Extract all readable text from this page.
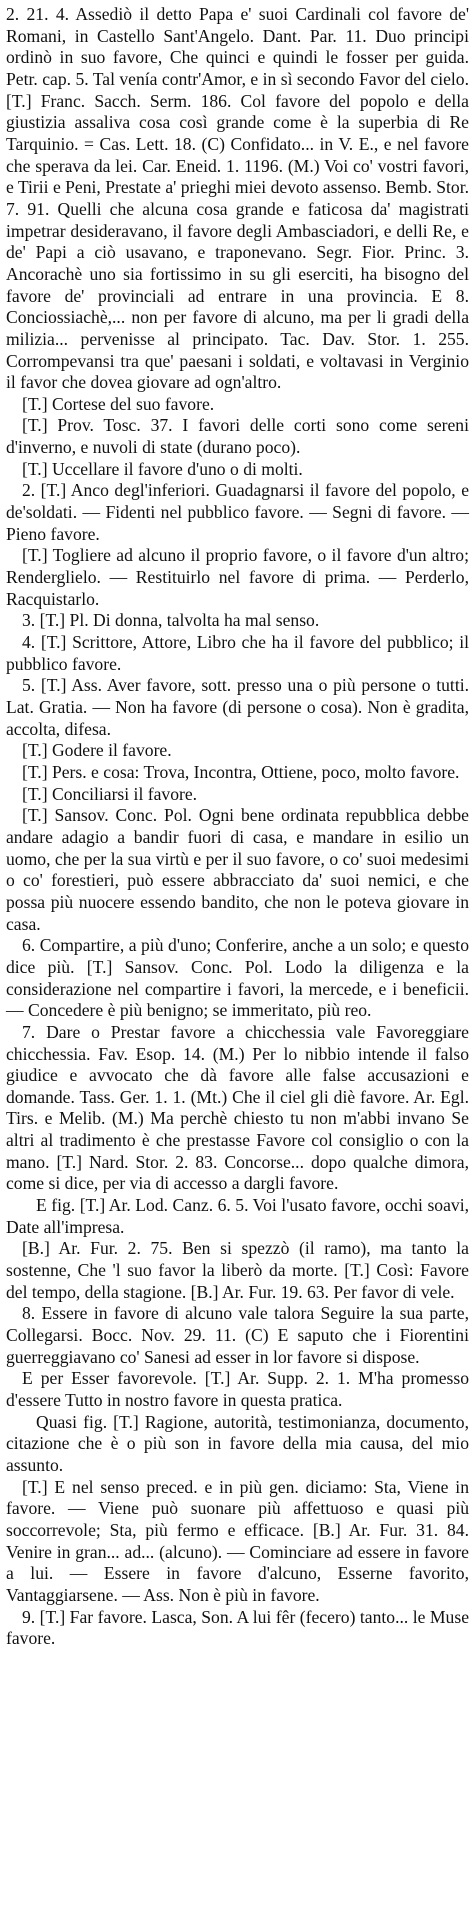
2. 21. 4. Assediò il detto Papa e' suoi Cardinali col favore de' Romani, in Castello Sant'Angelo. Dant. Par. 11. Duo principi ordinò in suo favore, Che quinci e quindi le fosser per guida. Petr. cap. 5. Tal venía contr'Amor, e in sì secondo Favor del cielo. [T.] Franc. Sacch. Serm. 186. Col favore del popolo e della giustizia assaliva cosa così grande come è la superbia di Re Tarquinio. = Cas. Lett. 18. (C) Confidato... in V. E., e nel favore che sperava da lei. Car. Eneid. 1. 1196. (M.) Voi co' vostri favori, e Tirii e Peni, Prestate a' prieghi miei devoto assenso. Bemb. Stor. 7. 91. Quelli che alcuna cosa grande e faticosa da' magistrati impetrar desideravano, il favore degli Ambasciadori, e delli Re, e de' Papi a ciò usavano, e traponevano. Segr. Fior. Princ. 3. Ancorachè uno sia fortissimo in su gli eserciti, ha bisogno del favore de' provinciali ad entrare in una provincia. E 8. Conciossiachè,... non per favore di alcuno, ma per li gradi della milizia... pervenisse al principato. Tac. Dav. Stor. 1. 255. Corrompevansi tra que' paesani i soldati, e voltavasi in Verginio il favor che dovea giovare ad ogn'altro.

[T.] Cortese del suo favore.

[T.] Prov. Tosc. 37. I favori delle corti sono come sereni d'inverno, e nuvoli di state (durano poco).

[T.] Uccellare il favore d'uno o di molti.

2. [T.] Anco degl'inferiori. Guadagnarsi il favore del popolo, e de'soldati. — Fidenti nel pubblico favore. — Segni di favore. — Pieno favore.

[T.] Togliere ad alcuno il proprio favore, o il favore d'un altro; Renderglielo. — Restituirlo nel favore di prima. — Perderlo, Racquistarlo.

3. [T.] Pl. Di donna, talvolta ha mal senso.

4. [T.] Scrittore, Attore, Libro che ha il favore del pubblico; il pubblico favore.

5. [T.] Ass. Aver favore, sott. presso una o più persone o tutti. Lat. Gratia. — Non ha favore (di persone o cosa). Non è gradita, accolta, difesa.

[T.] Godere il favore.

[T.] Pers. e cosa: Trova, Incontra, Ottiene, poco, molto favore.

[T.] Conciliarsi il favore.

[T.] Sansov. Conc. Pol. Ogni bene ordinata repubblica debbe andare adagio a bandir fuori di casa, e mandare in esilio un uomo, che per la sua virtù e per il suo favore, o co' suoi medesimi o co' forestieri, può essere abbracciato da' suoi nemici, e che possa più nuocere essendo bandito, che non le poteva giovare in casa.

6. Compartire, a più d'uno; Conferire, anche a un solo; e questo dice più. [T.] Sansov. Conc. Pol. Lodo la diligenza e la considerazione nel compartire i favori, la mercede, e i beneficii. — Concedere è più benigno; se immeritato, più reo.

7. Dare o Prestar favore a chicchessia vale Favoreggiare chicchessia. Fav. Esop. 14. (M.) Per lo nibbio intende il falso giudice e avvocato che dà favore alle false accusazioni e domande. Tass. Ger. 1. 1. (Mt.) Che il ciel gli diè favore. Ar. Egl. Tirs. e Melib. (M.) Ma perchè chiesto tu non m'abbi invano Se altri al tradimento è che prestasse Favore col consiglio o con la mano. [T.] Nard. Stor. 2. 83. Concorse... dopo qualche dimora, come si dice, per via di accesso a dargli favore.

E fig. [T.] Ar. Lod. Canz. 6. 5. Voi l'usato favore, occhi soavi, Date all'impresa.

[B.] Ar. Fur. 2. 75. Ben si spezzò (il ramo), ma tanto la sostenne, Che 'l suo favor la liberò da morte. [T.] Così: Favore del tempo, della stagione. [B.] Ar. Fur. 19. 63. Per favor di vele.

8. Essere in favore di alcuno vale talora Seguire la sua parte, Collegarsi. Bocc. Nov. 29. 11. (C) E saputo che i Fiorentini guerreggiavano co' Sanesi ad esser in lor favore si dispose.

E per Esser favorevole. [T.] Ar. Supp. 2. 1. M'ha promesso d'essere Tutto in nostro favore in questa pratica.

Quasi fig. [T.] Ragione, autorità, testimonianza, documento, citazione che è o più son in favore della mia causa, del mio assunto.

[T.] E nel senso preced. e in più gen. diciamo: Sta, Viene in favore. — Viene può suonare più affettuoso e quasi più soccorrevole; Sta, più fermo e efficace. [B.] Ar. Fur. 31. 84. Venire in gran... ad... (alcuno). — Cominciare ad essere in favore a lui. — Essere in favore d'alcuno, Esserne favorito, Vantaggiarsene. — Ass. Non è più in favore.

9. [T.] Far favore. Lasca, Son. A lui fêr (fecero) tanto... le Muse favore.
